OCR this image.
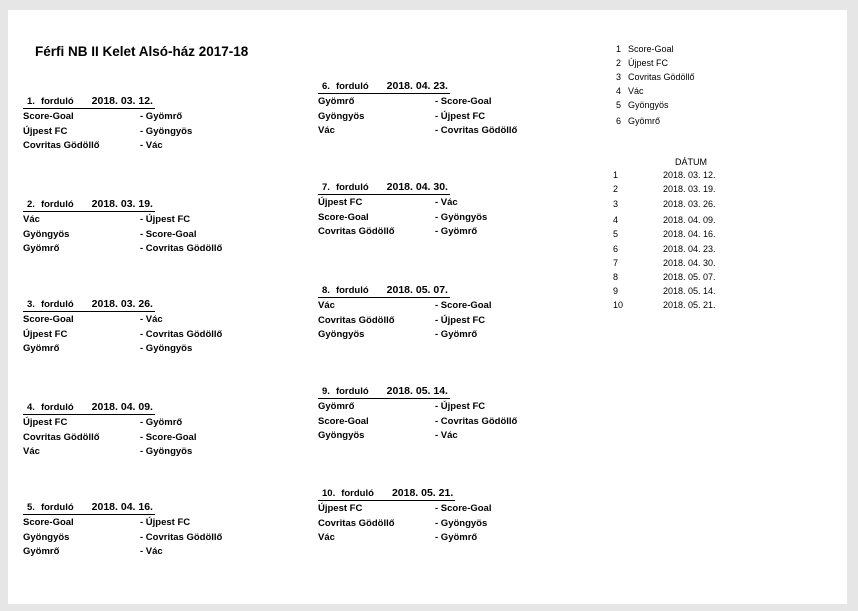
Férfi NB II Kelet Alsó-ház 2017-18
1. forduló 2018. 03. 12.
Score-Goal	- Gyömrő
Újpest FC	- Gyöngyös
Covritas Gödöllő	- Vác
2. forduló 2018. 03. 19.
Vác	- Újpest FC
Gyöngyös	- Score-Goal
Gyömrő	- Covritas Gödöllő
3. forduló 2018. 03. 26.
Score-Goal	- Vác
Újpest FC	- Covritas Gödöllő
Gyömrő	- Gyöngyös
4. forduló 2018. 04. 09.
Újpest FC	- Gyömrő
Covritas Gödöllő	- Score-Goal
Vác	- Gyöngyös
5. forduló 2018. 04. 16.
Score-Goal	- Újpest FC
Gyöngyös	- Covritas Gödöllő
Gyömrő	- Vác
6. forduló 2018. 04. 23.
Gyömrő	- Score-Goal
Gyöngyös	- Újpest FC
Vác	- Covritas Gödöllő
7. forduló 2018. 04. 30.
Újpest FC	- Vác
Score-Goal	- Gyöngyös
Covritas Gödöllő	- Gyömrő
8. forduló 2018. 05. 07.
Vác	- Score-Goal
Covritas Gödöllő	- Újpest FC
Gyöngyös	- Gyömrő
9. forduló 2018. 05. 14.
Gyömrő	- Újpest FC
Score-Goal	- Covritas Gödöllő
Gyöngyös	- Vác
10. forduló 2018. 05. 21.
Újpest FC	- Score-Goal
Covritas Gödöllő	- Gyöngyös
Vác	- Gyömrő
1 Score-Goal
2 Újpest FC
3 Covritas Gödöllő
4 Vác
5 Gyöngyös
6 Gyömrő
DÁTUM
1	2018. 03. 12.
2	2018. 03. 19.
3	2018. 03. 26.
4	2018. 04. 09.
5	2018. 04. 16.
6	2018. 04. 23.
7	2018. 04. 30.
8	2018. 05. 07.
9	2018. 05. 14.
10	2018. 05. 21.
